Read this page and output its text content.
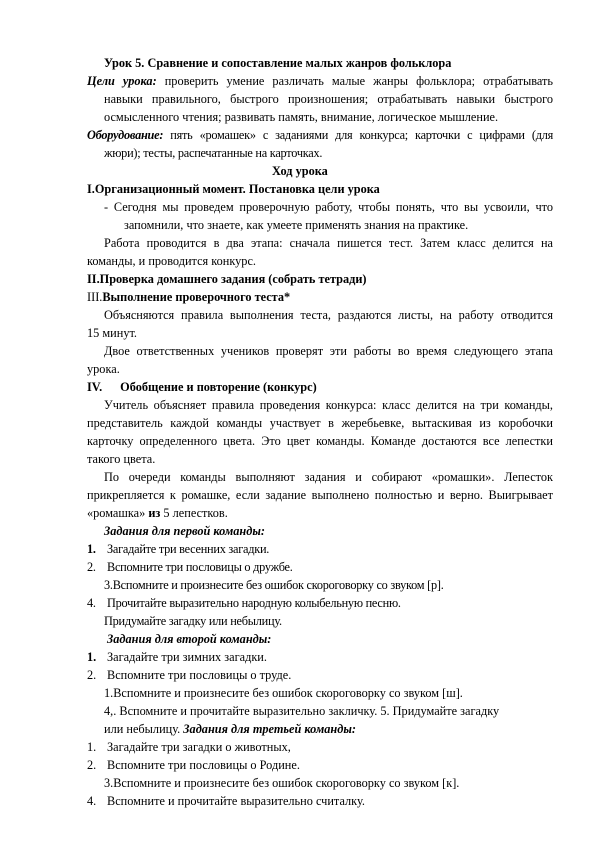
Урок 5. Сравнение и сопоставление малых жанров фольклора
Цели урока: проверить умение различать малые жанры фольклора; отрабатывать
навыки правильного, быстрого произношения; отрабатывать навыки быстрого
осмысленного чтения; развивать память, внимание, логическое мышление.
Оборудование: пять «ромашек» с заданиями для конкурса; карточки с цифрами (для
жюри); тесты, распечатанные на карточках.
Ход урока
I.Организационный момент. Постановка цели урока
- Сегодня мы проведем проверочную работу, чтобы понять, что вы усвоили, что
запомнили, что знаете, как умеете применять знания на практике.
Работа проводится в два этапа: сначала пишется тест. Затем класс делится на
команды, и проводится конкурс.
II.Проверка домашнего задания (собрать тетради)
III.Выполнение проверочного теста*
Объясняются правила выполнения теста, раздаются листы, на работу отводится
15 минут.
Двое ответственных учеников проверят эти работы во время следующего этапа
урока.
IV. Обобщение и повторение (конкурс)
Учитель объясняет правила проведения конкурса: класс делится на три команды,
представитель каждой команды участвует в жеребьевке, вытаскивая из коробочки
карточку определенного цвета. Это цвет команды. Команде достаются все лепестки
такого цвета.
По очереди команды выполняют задания и собирают «ромашки». Лепесток
прикрепляется к ромашке, если задание выполнено полностью и верно. Выигрывает
«ромашка» из 5 лепестков.
Задания для первой команды:
1. Загадайте три весенних загадки.
2. Вспомните три пословицы о дружбе.
3.Вспомните и произнесите без ошибок скороговорку со звуком [р].
4. Прочитайте выразительно народную колыбельную песню.
Придумайте загадку или небылицу.
Задания для второй команды:
1. Загадайте три зимних загадки.
2. Вспомните три пословицы о труде.
1.Вспомните и произнесите без ошибок скороговорку со звуком [ш].
4,. Вспомните и прочитайте выразительно закличку. 5. Придумайте загадку
или небылицу. Задания для третьей команды:
1. Загадайте три загадки о животных,
2. Вспомните три пословицы о Родине.
3.Вспомните и произнесите без ошибок скороговорку со звуком [к].
4. Вспомните и прочитайте выразительно считалку.
